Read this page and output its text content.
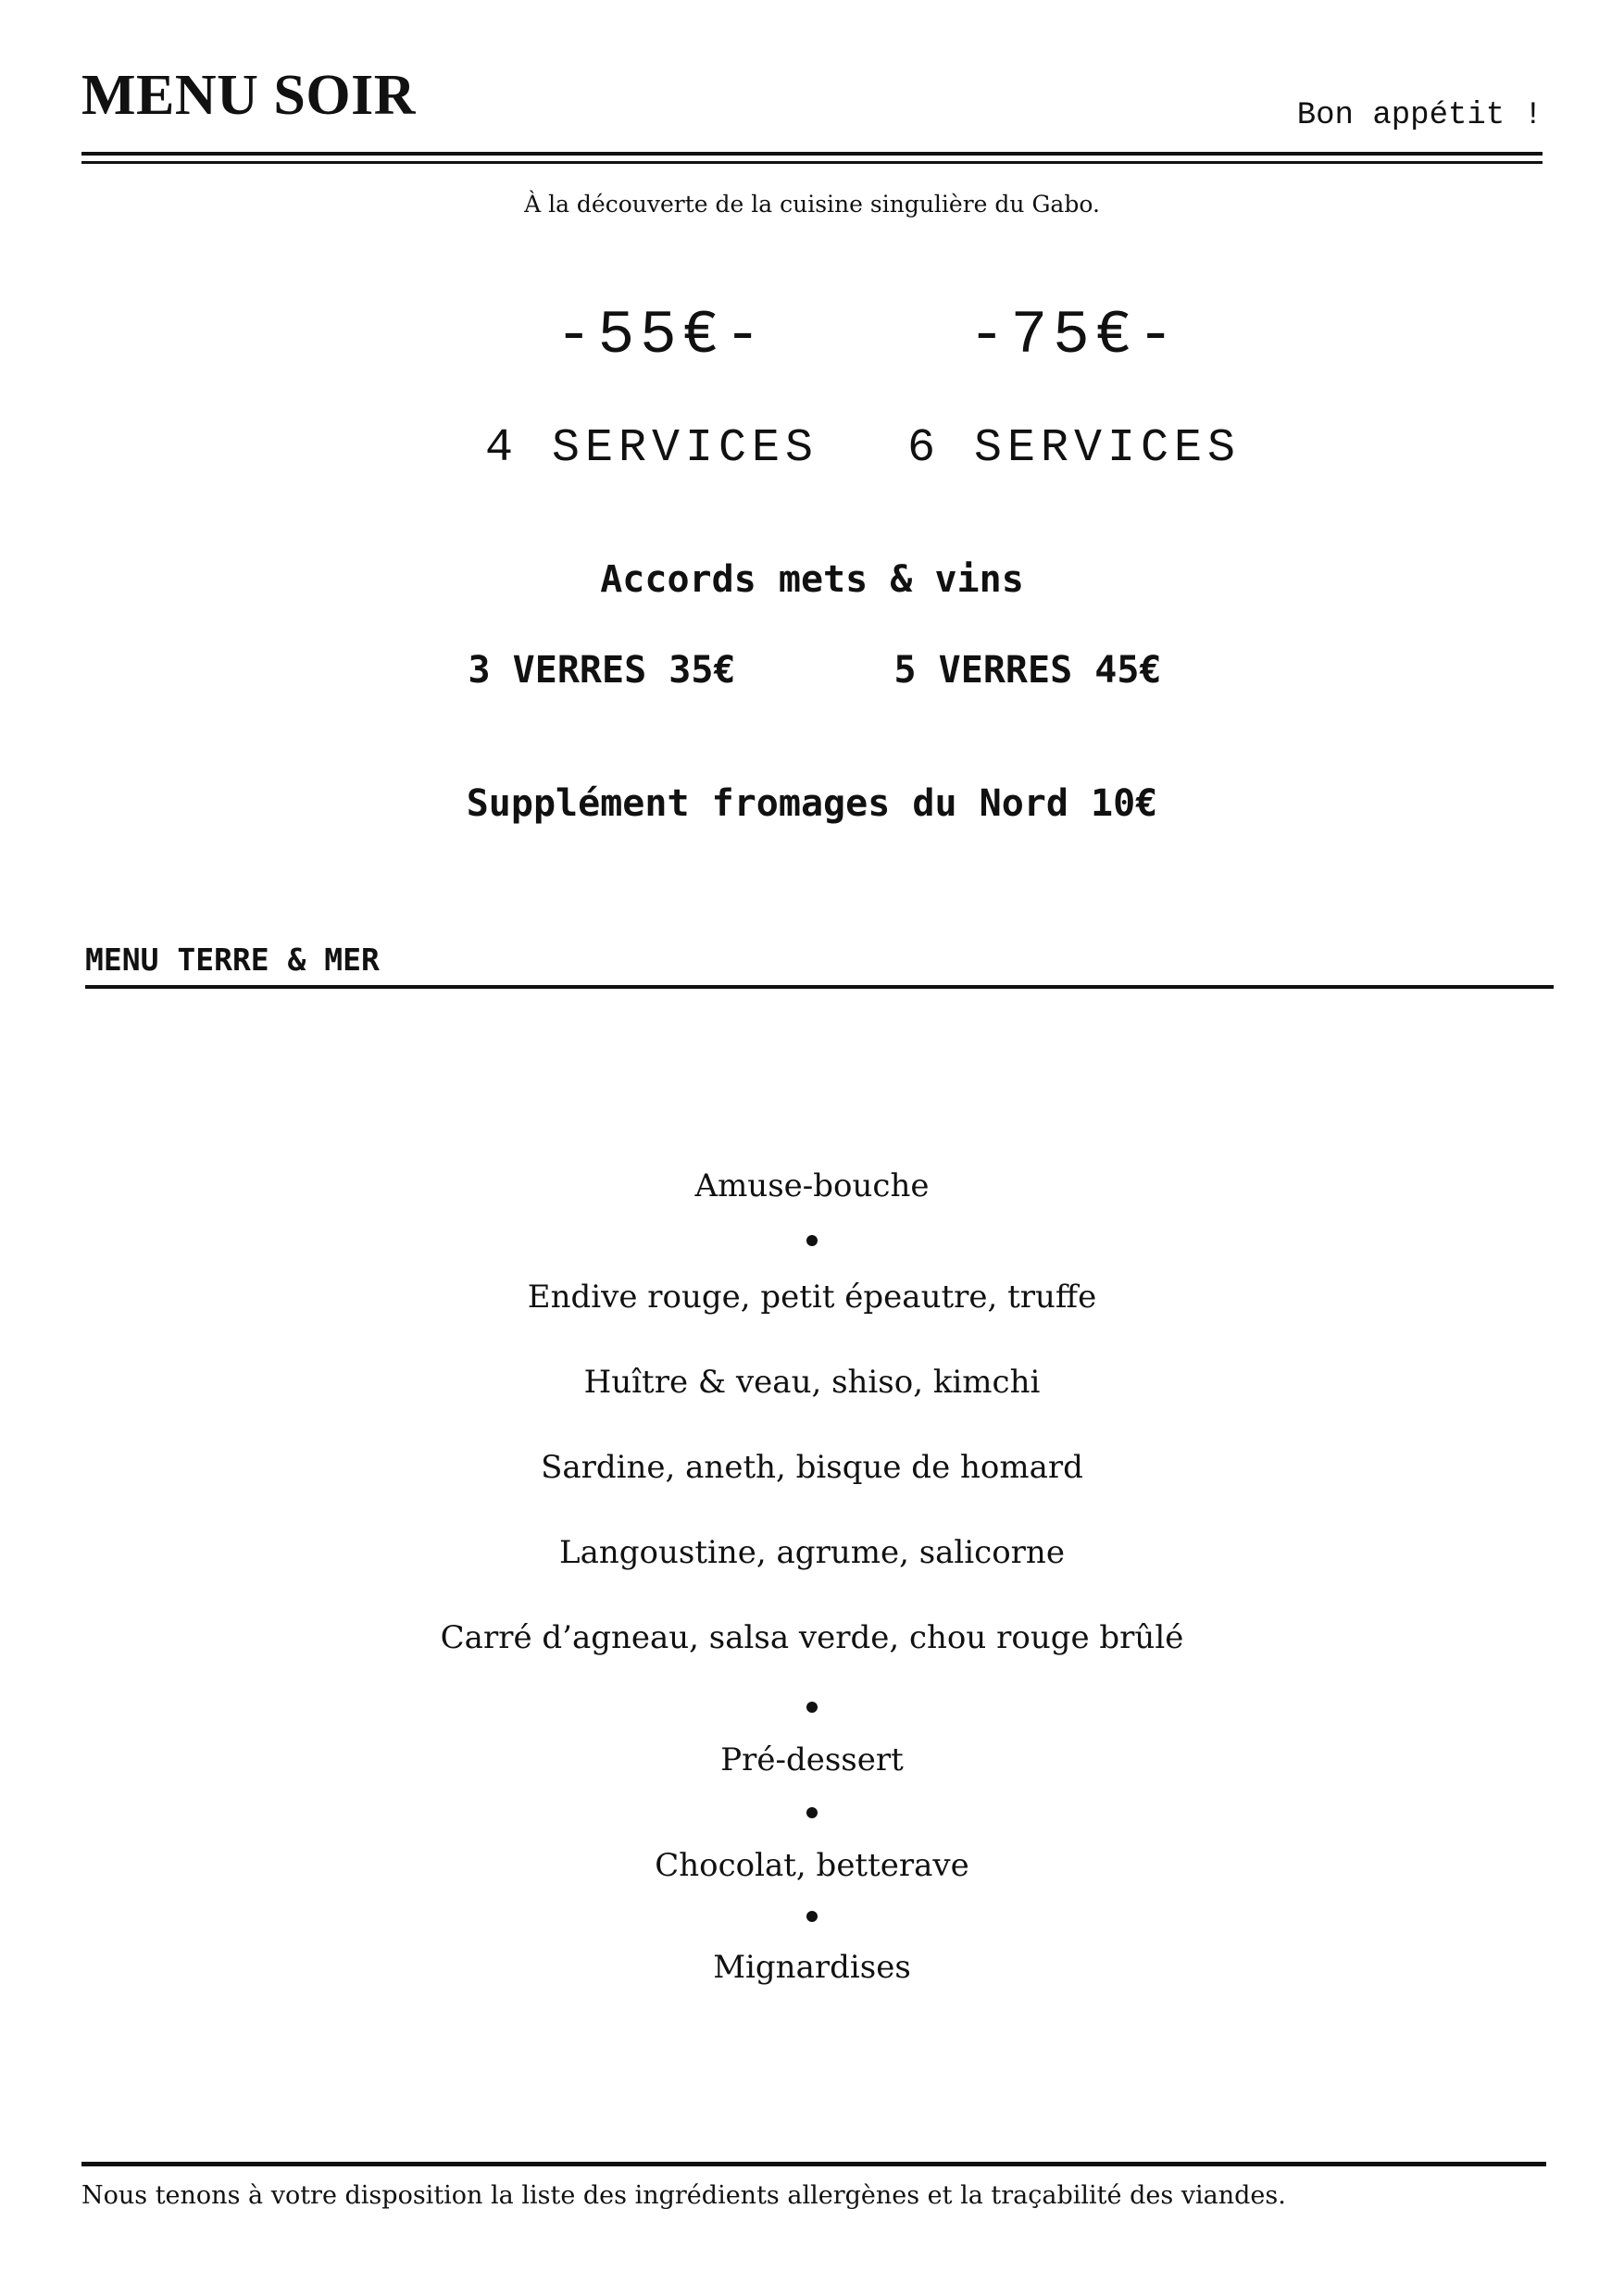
MENU SOIR	Bon appétit !
À la découverte de la cuisine singulière du Gabo.
-55€-	-75€-
4 SERVICES	6 SERVICES
Accords mets & vins
3 VERRES 35€	5 VERRES 45€
Supplément fromages du Nord 10€
MENU TERRE & MER
Amuse-bouche
Endive rouge, petit épeautre, truffe
Huître & veau, shiso, kimchi
Sardine, aneth, bisque de homard
Langoustine, agrume, salicorne
Carré d’agneau, salsa verde, chou rouge brûlé
Pré-dessert
Chocolat, betterave
Mignardises
Nous tenons à votre disposition la liste des ingrédients allergènes et la traçabilité des viandes.
